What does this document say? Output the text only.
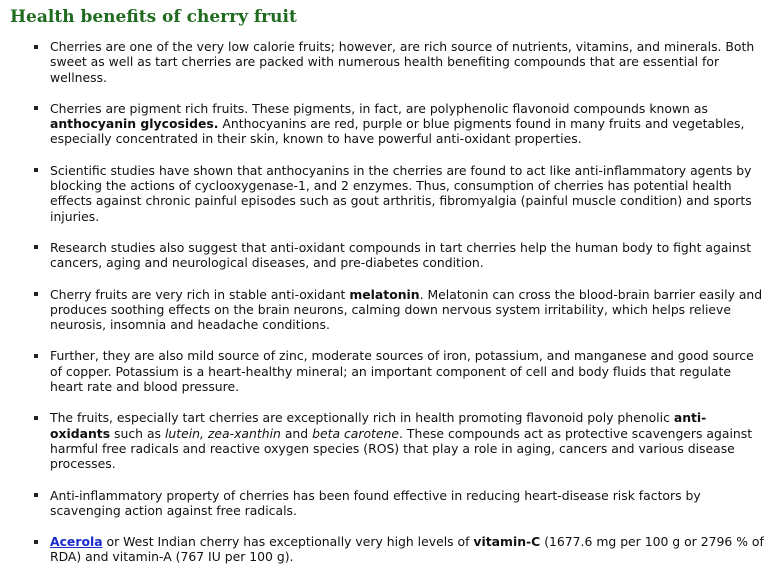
Health benefits of cherry fruit
Cherries are one of the very low calorie fruits; however, are rich source of nutrients, vitamins, and minerals. Both sweet as well as tart cherries are packed with numerous health benefiting compounds that are essential for wellness.
Cherries are pigment rich fruits. These pigments, in fact, are polyphenolic flavonoid compounds known as anthocyanin glycosides. Anthocyanins are red, purple or blue pigments found in many fruits and vegetables, especially concentrated in their skin, known to have powerful anti-oxidant properties.
Scientific studies have shown that anthocyanins in the cherries are found to act like anti-inflammatory agents by blocking the actions of cyclooxygenase-1, and 2 enzymes. Thus, consumption of cherries has potential health effects against chronic painful episodes such as gout arthritis, fibromyalgia (painful muscle condition) and sports injuries.
Research studies also suggest that anti-oxidant compounds in tart cherries help the human body to fight against cancers, aging and neurological diseases, and pre-diabetes condition.
Cherry fruits are very rich in stable anti-oxidant melatonin. Melatonin can cross the blood-brain barrier easily and produces soothing effects on the brain neurons, calming down nervous system irritability, which helps relieve neurosis, insomnia and headache conditions.
Further, they are also mild source of zinc, moderate sources of iron, potassium, and manganese and good source of copper. Potassium is a heart-healthy mineral; an important component of cell and body fluids that regulate heart rate and blood pressure.
The fruits, especially tart cherries are exceptionally rich in health promoting flavonoid poly phenolic anti-oxidants such as lutein, zea-xanthin and beta carotene. These compounds act as protective scavengers against harmful free radicals and reactive oxygen species (ROS) that play a role in aging, cancers and various disease processes.
Anti-inflammatory property of cherries has been found effective in reducing heart-disease risk factors by scavenging action against free radicals.
Acerola or West Indian cherry has exceptionally very high levels of vitamin-C (1677.6 mg per 100 g or 2796 % of RDA) and vitamin-A (767 IU per 100 g).
